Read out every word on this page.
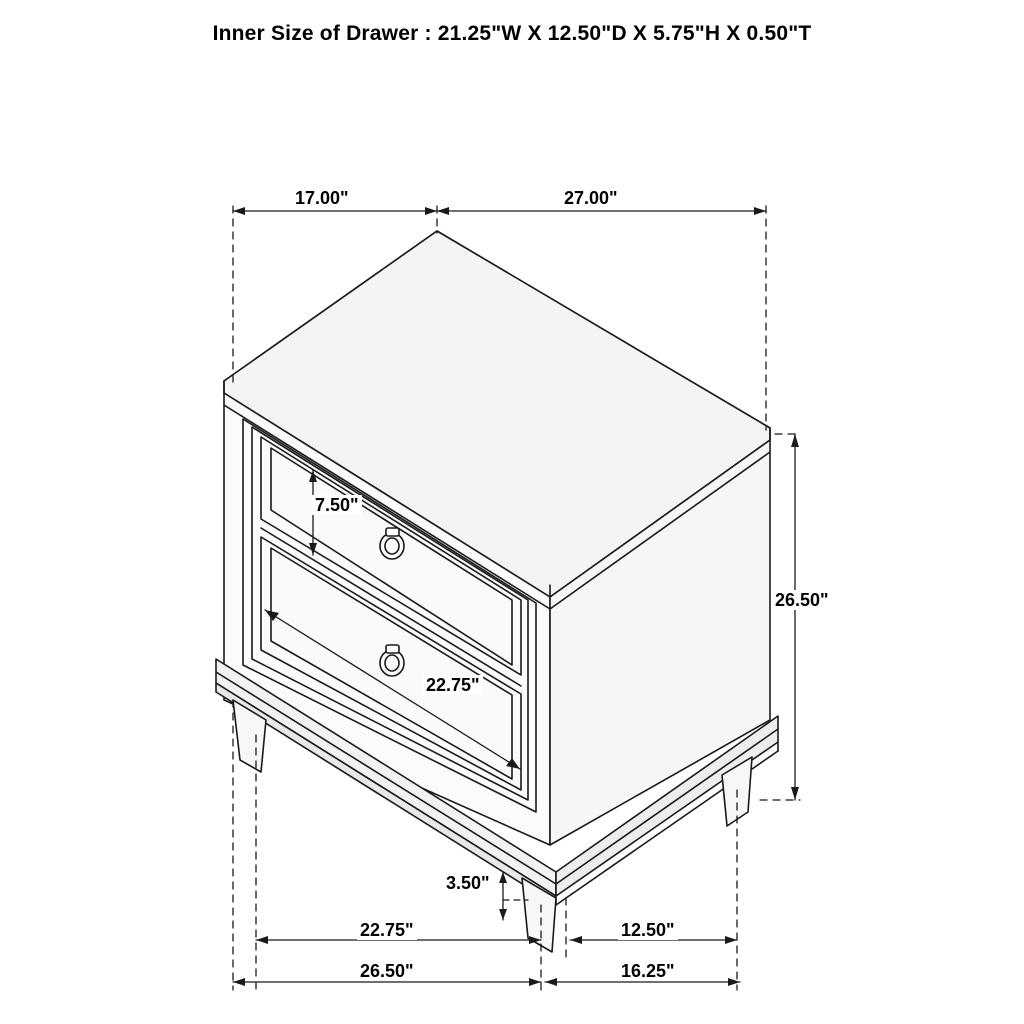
Inner Size of Drawer : 21.25"W X 12.50"D X 5.75"H X 0.50"T
17.00"	27.00"
26.50"
7.50"
22.75"
3.50"
22.75"	12.50"
26.50"	16.25"
